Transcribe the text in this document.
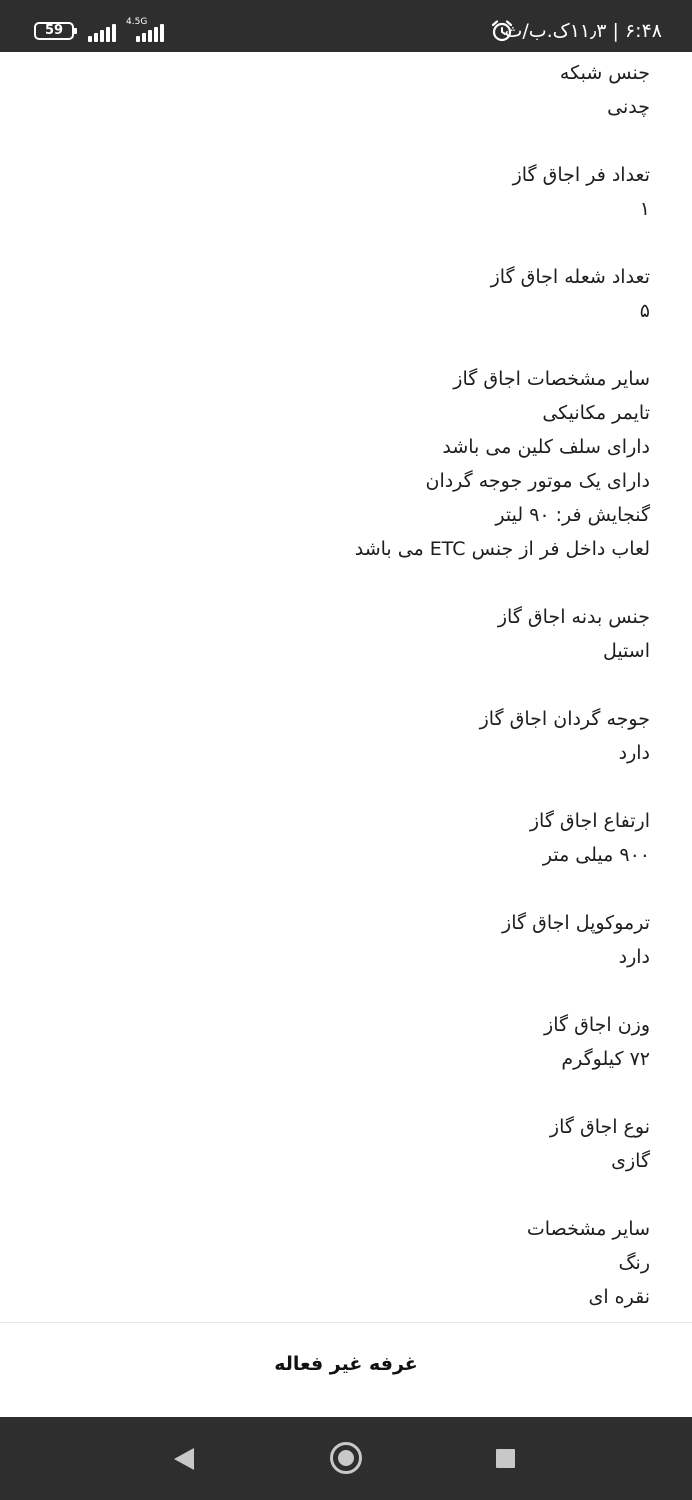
59
4.5G	۶:۴۸ | ۱۱٫۳ک.ب/ث
جنس شبکه
چدنی
تعداد فر اجاق گاز
۱
تعداد شعله اجاق گاز
۵
سایر مشخصات اجاق گاز
تایمر مکانیکی
دارای سلف کلین می باشد
دارای یک موتور جوجه گردان
گنجایش فر: ۹۰ لیتر
لعاب داخل فر از جنس ETC می باشد
جنس بدنه اجاق گاز
استیل
جوجه گردان اجاق گاز
دارد
ارتفاع اجاق گاز
۹۰۰ میلی متر
ترموکوپل اجاق گاز
دارد
وزن اجاق گاز
۷۲ کیلوگرم
نوع اجاق گاز
گازی
سایر مشخصات
رنگ
نقره ای
غرفه غیر فعاله
